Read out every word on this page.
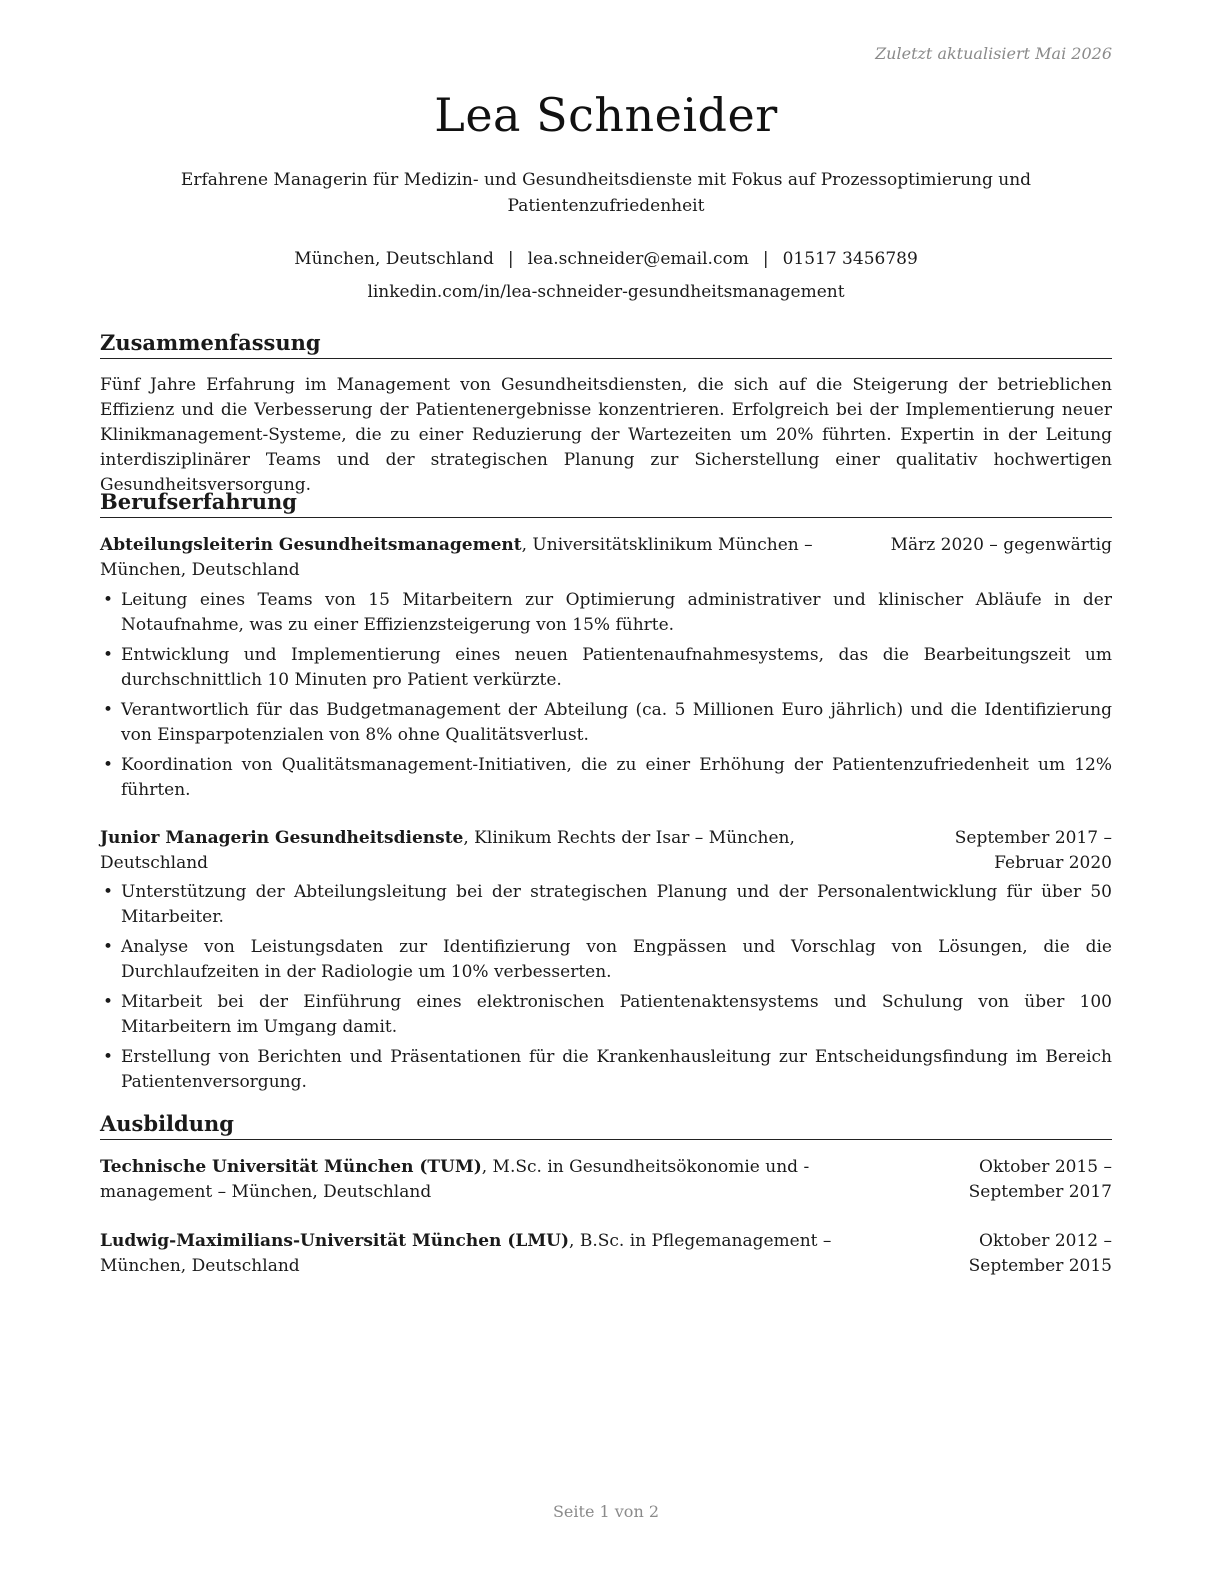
Zuletzt aktualisiert Mai 2026
Lea Schneider
Erfahrene Managerin für Medizin- und Gesundheitsdienste mit Fokus auf Prozessoptimierung und Patientenzufriedenheit
München, Deutschland | lea.schneider@email.com | 01517 3456789
linkedin.com/in/lea-schneider-gesundheitsmanagement
Zusammenfassung
Fünf Jahre Erfahrung im Management von Gesundheitsdiensten, die sich auf die Steigerung der betrieblichen Effizienz und die Verbesserung der Patientenergebnisse konzentrieren. Erfolgreich bei der Implementierung neuer Klinikmanagement-Systeme, die zu einer Reduzierung der Wartezeiten um 20% führten. Expertin in der Leitung interdisziplinärer Teams und der strategischen Planung zur Sicherstellung einer qualitativ hochwertigen Gesundheitsversorgung.
Berufserfahrung
Abteilungsleiterin Gesundheitsmanagement, Universitätsklinikum München – München, Deutschland
März 2020 – gegenwärtig
• Leitung eines Teams von 15 Mitarbeitern zur Optimierung administrativer und klinischer Abläufe in der Notaufnahme, was zu einer Effizienzsteigerung von 15% führte.
• Entwicklung und Implementierung eines neuen Patientenaufnahmesystems, das die Bearbeitungszeit um durchschnittlich 10 Minuten pro Patient verkürzte.
• Verantwortlich für das Budgetmanagement der Abteilung (ca. 5 Millionen Euro jährlich) und die Identifizierung von Einsparpotenzialen von 8% ohne Qualitätsverlust.
• Koordination von Qualitätsmanagement-Initiativen, die zu einer Erhöhung der Patientenzufriedenheit um 12% führten.
Junior Managerin Gesundheitsdienste, Klinikum Rechts der Isar – München, Deutschland
September 2017 – Februar 2020
• Unterstützung der Abteilungsleitung bei der strategischen Planung und der Personalentwicklung für über 50 Mitarbeiter.
• Analyse von Leistungsdaten zur Identifizierung von Engpässen und Vorschlag von Lösungen, die die Durchlaufzeiten in der Radiologie um 10% verbesserten.
• Mitarbeit bei der Einführung eines elektronischen Patientenaktensystems und Schulung von über 100 Mitarbeitern im Umgang damit.
• Erstellung von Berichten und Präsentationen für die Krankenhausleitung zur Entscheidungsfindung im Bereich Patientenversorgung.
Ausbildung
Technische Universität München (TUM), M.Sc. in Gesundheitsökonomie und -management – München, Deutschland
Oktober 2015 – September 2017
Ludwig-Maximilians-Universität München (LMU), B.Sc. in Pflegemanagement – München, Deutschland
Oktober 2012 – September 2015
Seite 1 von 2
